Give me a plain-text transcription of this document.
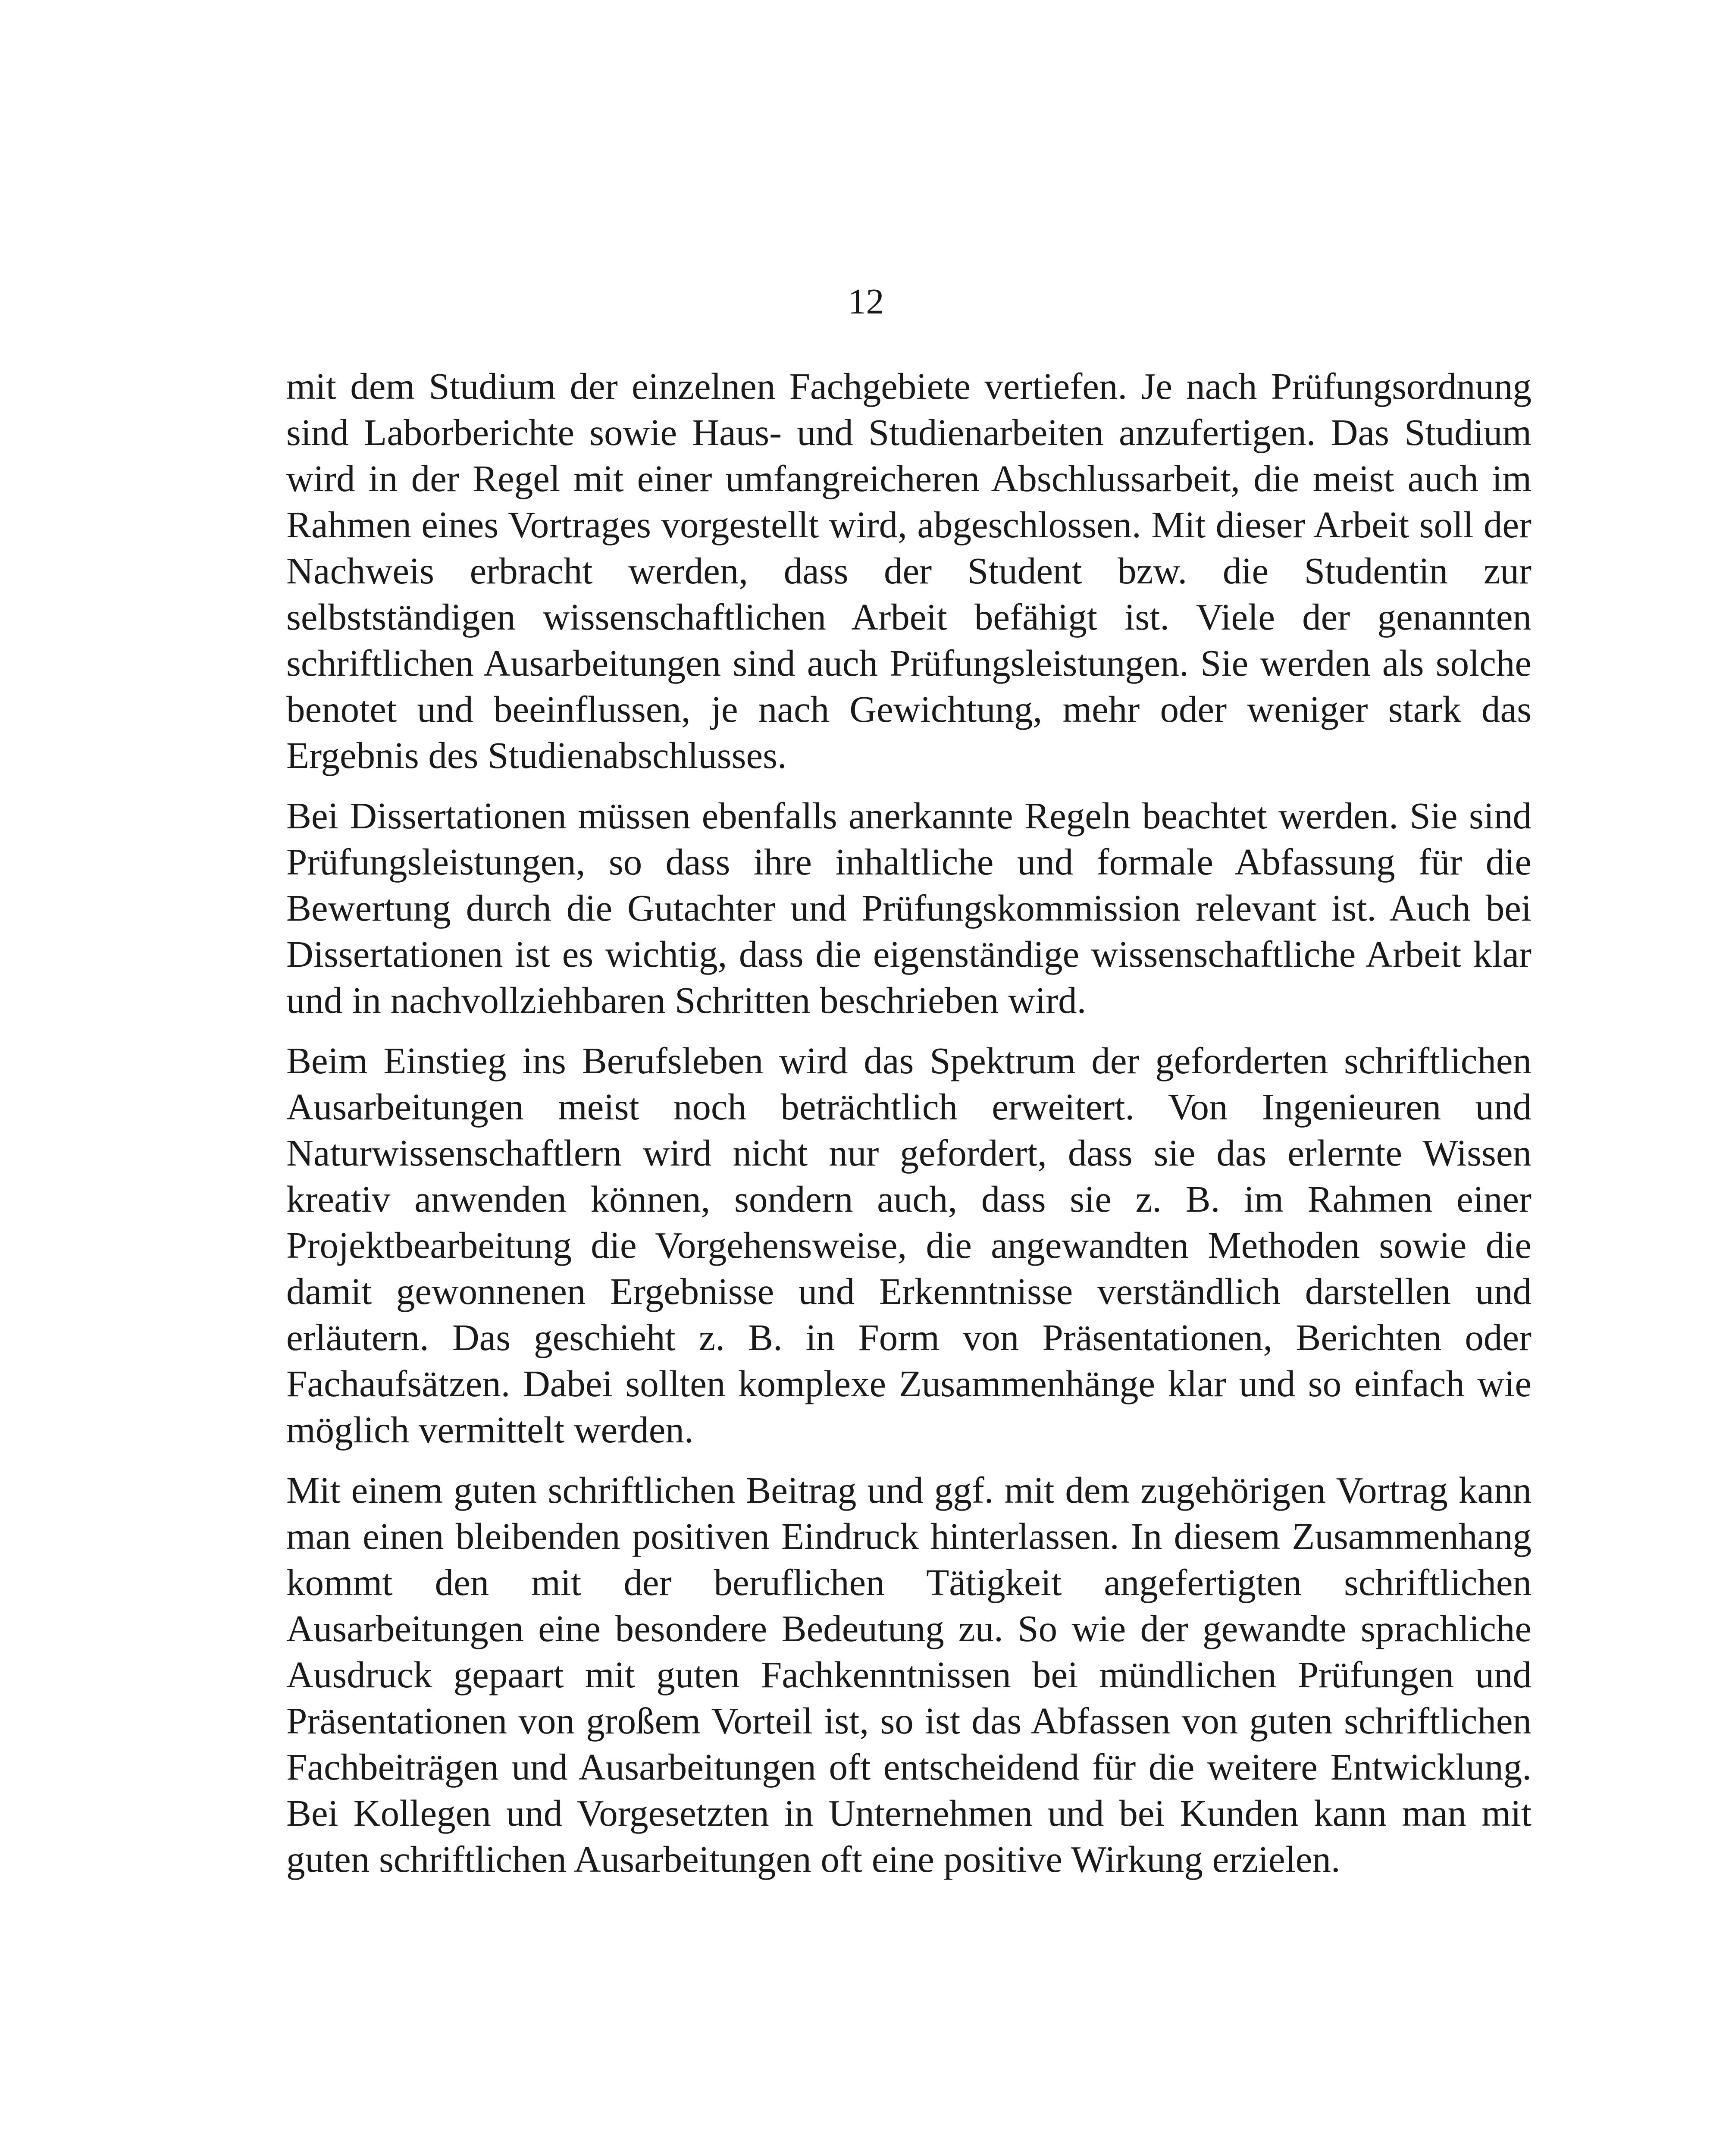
12

mit dem Studium der einzelnen Fachgebiete vertiefen. Je nach Prüfungsordnung sind Laborberichte sowie Haus- und Studienarbeiten anzufertigen. Das Studium wird in der Regel mit einer umfangreicheren Abschlussarbeit, die meist auch im Rahmen eines Vortrages vorgestellt wird, abgeschlossen. Mit dieser Arbeit soll der Nachweis erbracht werden, dass der Student bzw. die Studentin zur selbstständigen wissenschaftlichen Arbeit befähigt ist. Viele der genannten schriftlichen Ausarbeitungen sind auch Prüfungsleistungen. Sie werden als solche benotet und beeinflussen, je nach Gewichtung, mehr oder weniger stark das Ergebnis des Studienabschlusses.

Bei Dissertationen müssen ebenfalls anerkannte Regeln beachtet werden. Sie sind Prüfungsleistungen, so dass ihre inhaltliche und formale Abfassung für die Bewertung durch die Gutachter und Prüfungskommission relevant ist. Auch bei Dissertationen ist es wichtig, dass die eigenständige wissenschaftliche Arbeit klar und in nachvollziehbaren Schritten beschrieben wird.

Beim Einstieg ins Berufsleben wird das Spektrum der geforderten schriftlichen Ausarbeitungen meist noch beträchtlich erweitert. Von Ingenieuren und Naturwissenschaftlern wird nicht nur gefordert, dass sie das erlernte Wissen kreativ anwenden können, sondern auch, dass sie z. B. im Rahmen einer Projektbearbeitung die Vorgehensweise, die angewandten Methoden sowie die damit gewonnenen Ergebnisse und Erkenntnisse verständlich darstellen und erläutern. Das geschieht z. B. in Form von Präsentationen, Berichten oder Fachaufsätzen. Dabei sollten komplexe Zusammenhänge klar und so einfach wie möglich vermittelt werden.

Mit einem guten schriftlichen Beitrag und ggf. mit dem zugehörigen Vortrag kann man einen bleibenden positiven Eindruck hinterlassen. In diesem Zusammenhang kommt den mit der beruflichen Tätigkeit angefertigten schriftlichen Ausarbeitungen eine besondere Bedeutung zu. So wie der gewandte sprachliche Ausdruck gepaart mit guten Fachkenntnissen bei mündlichen Prüfungen und Präsentationen von großem Vorteil ist, so ist das Abfassen von guten schriftlichen Fachbeiträgen und Ausarbeitungen oft entscheidend für die weitere Entwicklung. Bei Kollegen und Vorgesetzten in Unternehmen und bei Kunden kann man mit guten schriftlichen Ausarbeitungen oft eine positive Wirkung erzielen.
